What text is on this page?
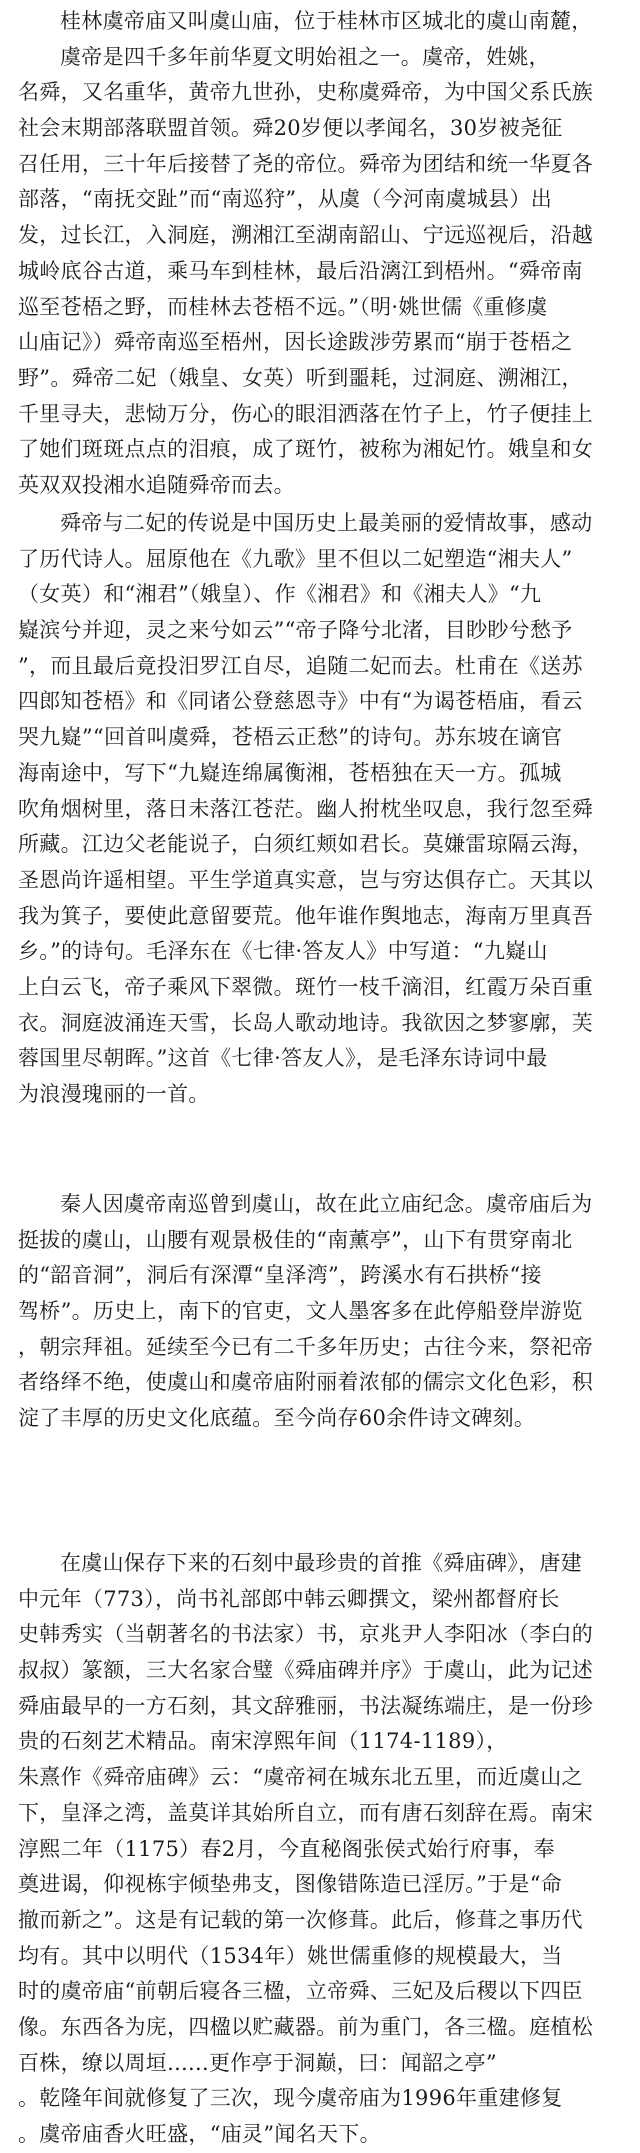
桂林虞帝庙又叫虞山庙，位于桂林市区城北的虞山南麓，
虞帝是四千多年前华夏文明始祖之一。虞帝，姓姚，
名舜，又名重华，黄帝九世孙，史称虞舜帝，为中国父系氏族
社会末期部落联盟首领。舜20岁便以孝闻名，30岁被尧征
召任用，三十年后接替了尧的帝位。舜帝为团结和统一华夏各
部落，“南抚交趾”而“南巡狩”，从虞（今河南虞城县）出
发，过长江，入洞庭，溯湘江至湖南韶山、宁远巡视后，沿越
城岭底谷古道，乘马车到桂林，最后沿漓江到梧州。“舜帝南
巡至苍梧之野，而桂林去苍梧不远。”（明·姚世儒《重修虞
山庙记》）舜帝南巡至梧州，因长途跋涉劳累而“崩于苍梧之
野”。舜帝二妃（娥皇、女英）听到噩耗，过洞庭、溯湘江，
千里寻夫，悲恸万分，伤心的眼泪洒落在竹子上，竹子便挂上
了她们斑斑点点的泪痕，成了斑竹，被称为湘妃竹。娥皇和女
英双双投湘水追随舜帝而去。
舜帝与二妃的传说是中国历史上最美丽的爱情故事，感动
了历代诗人。屈原他在《九歌》里不但以二妃塑造“湘夫人”
（女英）和“湘君”（娥皇）、作《湘君》和《湘夫人》“九
嶷滨兮并迎，灵之来兮如云”“帝子降兮北渚，目眇眇兮愁予
”，而且最后竟投汨罗江自尽，追随二妃而去。杜甫在《送苏
四郎知苍梧》和《同诸公登慈恩寺》中有“为谒苍梧庙，看云
哭九嶷”“回首叫虞舜，苍梧云正愁”的诗句。苏东坡在谪官
海南途中，写下“九嶷连绵属衡湘，苍梧独在天一方。孤城
吹角烟树里，落日未落江苍茫。幽人拊枕坐叹息，我行忽至舜
所藏。江边父老能说子，白须红颊如君长。莫嫌雷琼隔云海，
圣恩尚许遥相望。平生学道真实意，岂与穷达俱存亡。天其以
我为箕子，要使此意留要荒。他年谁作舆地志，海南万里真吾
乡。”的诗句。毛泽东在《七律·答友人》中写道：“九嶷山
上白云飞，帝子乘风下翠微。斑竹一枝千滴泪，红霞万朵百重
衣。洞庭波涌连天雪，长岛人歌动地诗。我欲因之梦寥廓，芙
蓉国里尽朝晖。”这首《七律·答友人》，是毛泽东诗词中最
为浪漫瑰丽的一首。
秦人因虞帝南巡曾到虞山，故在此立庙纪念。虞帝庙后为
挺拔的虞山，山腰有观景极佳的“南薰亭”，山下有贯穿南北
的“韶音洞”，洞后有深潭“皇泽湾”，跨溪水有石拱桥“接
驾桥”。历史上，南下的官吏，文人墨客多在此停船登岸游览
，朝宗拜祖。延续至今已有二千多年历史；古往今来，祭祀帝
者络绎不绝，使虞山和虞帝庙附丽着浓郁的儒宗文化色彩，积
淀了丰厚的历史文化底蕴。至今尚存60余件诗文碑刻。
在虞山保存下来的石刻中最珍贵的首推《舜庙碑》，唐建
中元年（773），尚书礼部郎中韩云卿撰文，梁州都督府长
史韩秀实（当朝著名的书法家）书，京兆尹人李阳冰（李白的
叔叔）篆额，三大名家合璧《舜庙碑并序》于虞山，此为记述
舜庙最早的一方石刻，其文辞雅丽，书法凝练端庄，是一份珍
贵的石刻艺术精品。南宋淳熙年间（1174-1189），
朱熹作《舜帝庙碑》云：“虞帝祠在城东北五里，而近虞山之
下，皇泽之湾，盖莫详其始所自立，而有唐石刻辞在焉。南宋
淳熙二年（1175）春2月，今直秘阁张侯式始行府事，奉
奠进谒，仰视栋宇倾垫弗支，图像错陈造已淫厉。”于是“命
撤而新之”。这是有记载的第一次修葺。此后，修葺之事历代
均有。其中以明代（1534年）姚世儒重修的规模最大，当
时的虞帝庙“前朝后寝各三楹，立帝舜、三妃及后稷以下四臣
像。东西各为庑，四楹以贮藏器。前为重门，各三楹。庭植松
百株，缭以周垣......更作亭于洞巅，曰：闻韶之亭”
。乾隆年间就修复了三次，现今虞帝庙为1996年重建修复
。虞帝庙香火旺盛，“庙灵”闻名天下。
